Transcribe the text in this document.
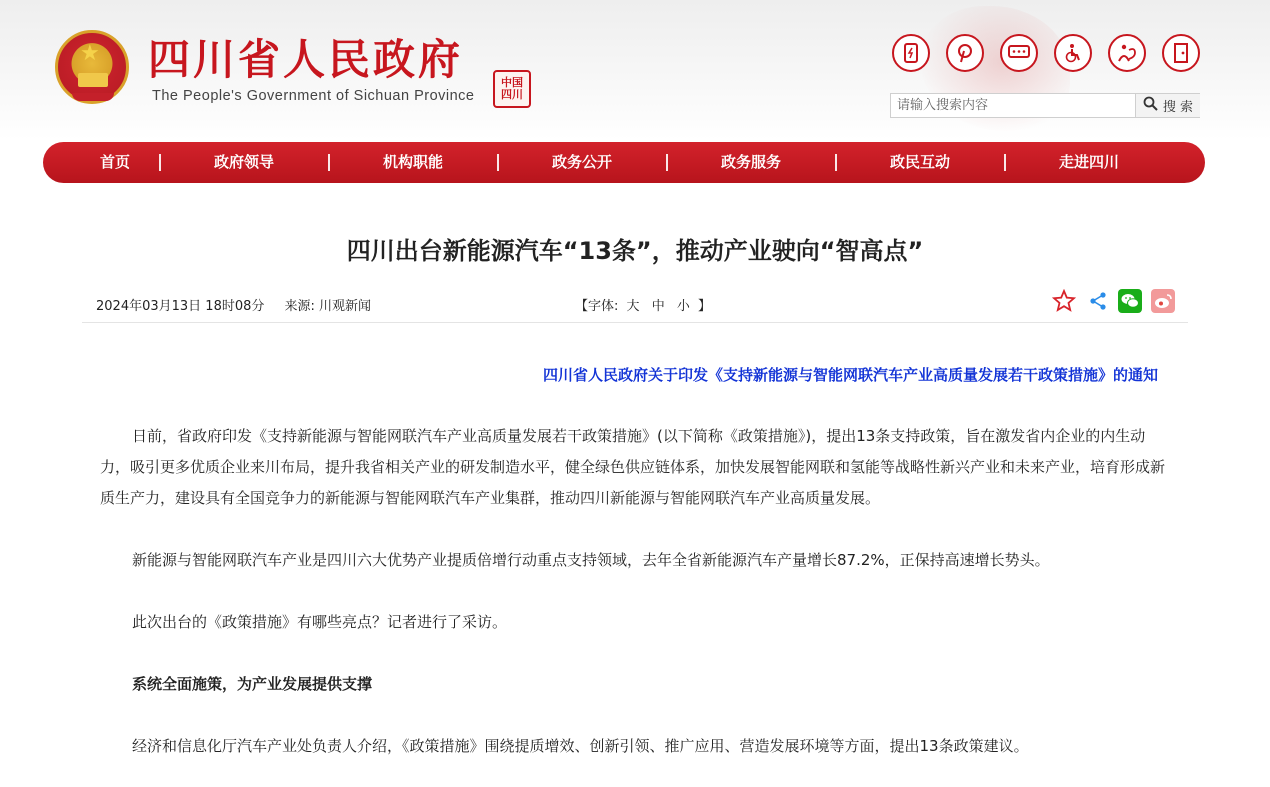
★ 四川省人民政府
The People's Government of Sichuan Province
中 国
四 川
请输入搜索内容
搜 索
首页	政府领导	机构职能	政务公开	政务服务	政民互动	走进四川
四川出台新能源汽车“13条”，推动产业驶向“智高点”
2024年03月13日 18时08分 来源: 川观新闻	【字体: 大 中 小 】
四川省人民政府关于印发《支持新能源与智能网联汽车产业高质量发展若干政策措施》的通知

日前，省政府印发《支持新能源与智能网联汽车产业高质量发展若干政策措施》(以下简称《政策措施》)，提出13条支持政策，旨在激发省内企业的内生动力，吸引更多优质企业来川布局，提升我省相关产业的研发制造水平，健全绿色供应链体系，加快发展智能网联和氢能等战略性新兴产业和未来产业，培育形成新质生产力，建设具有全国竞争力的新能源与智能网联汽车产业集群，推动四川新能源与智能网联汽车产业高质量发展。

新能源与智能网联汽车产业是四川六大优势产业提质倍增行动重点支持领域，去年全省新能源汽车产量增长87.2%，正保持高速增长势头。

此次出台的《政策措施》有哪些亮点？记者进行了采访。

系统全面施策，为产业发展提供支撑

经济和信息化厅汽车产业处负责人介绍，《政策措施》围绕提质增效、创新引领、推广应用、营造发展环境等方面，提出13条政策建议。
